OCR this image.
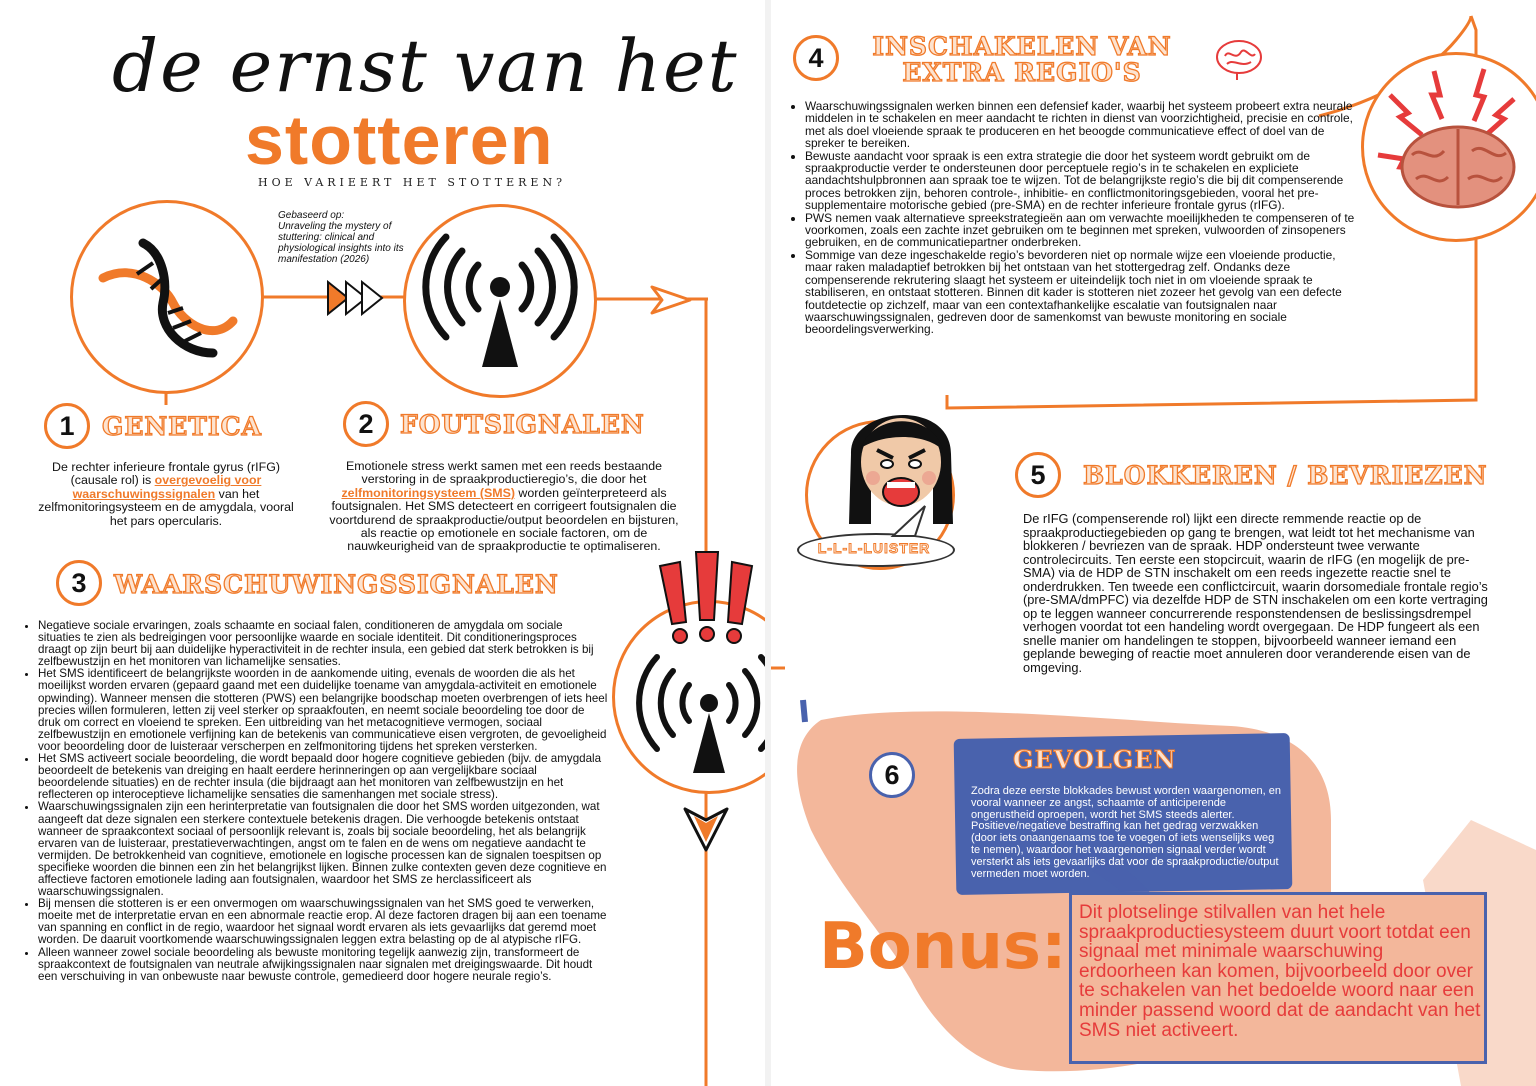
de ernst van het
stotteren
HOE VARIEERT HET STOTTEREN?
Gebaseerd op:
Unraveling the mystery of stuttering: clinical and physiological insights into its manifestation (2026)
1	GENETICA
De rechter inferieure frontale gyrus (rIFG) (causale rol) is overgevoelig voor waarschuwingssignalen van het zelfmonitoringsysteem en de amygdala, vooral het pars opercularis.
2	FOUTSIGNALEN
Emotionele stress werkt samen met een reeds bestaande verstoring in de spraakproductieregio’s, die door het zelfmonitoringsysteem (SMS) worden geïnterpreteerd als foutsignalen. Het SMS detecteert en corrigeert foutsignalen die voortdurend de spraakproductie/output beoordelen en bijsturen, als reactie op emotionele en sociale factoren, om de nauwkeurigheid van de spraakproductie te optimaliseren.
3	WAARSCHUWINGSSIGNALEN
• Negatieve sociale ervaringen, zoals schaamte en sociaal falen, conditioneren de amygdala om sociale situaties te zien als bedreigingen voor persoonlijke waarde en sociale identiteit. Dit conditioneringsproces draagt op zijn beurt bij aan duidelijke hyperactiviteit in de rechter insula, een gebied dat sterk betrokken is bij zelfbewustzijn en het monitoren van lichamelijke sensaties.
• Het SMS identificeert de belangrijkste woorden in de aankomende uiting, evenals de woorden die als het moeilijkst worden ervaren (gepaard gaand met een duidelijke toename van amygdala-activiteit en emotionele opwinding). Wanneer mensen die stotteren (PWS) een belangrijke boodschap moeten overbrengen of iets heel precies willen formuleren, letten zij veel sterker op spraakfouten, en neemt sociale beoordeling toe door de druk om correct en vloeiend te spreken. Een uitbreiding van het metacognitieve vermogen, sociaal zelfbewustzijn en emotionele verfijning kan de betekenis van communicatieve eisen vergroten, de gevoeligheid voor beoordeling door de luisteraar verscherpen en zelfmonitoring tijdens het spreken versterken.
• Het SMS activeert sociale beoordeling, die wordt bepaald door hogere cognitieve gebieden (bijv. de amygdala beoordeelt de betekenis van dreiging en haalt eerdere herinneringen op aan vergelijkbare sociaal beoordelende situaties) en de rechter insula (die bijdraagt aan het monitoren van zelfbewustzijn en het reflecteren op interoceptieve lichamelijke sensaties die samenhangen met sociale stress).
• Waarschuwingssignalen zijn een herinterpretatie van foutsignalen die door het SMS worden uitgezonden, wat aangeeft dat deze signalen een sterkere contextuele betekenis dragen. Die verhoogde betekenis ontstaat wanneer de spraakcontext sociaal of persoonlijk relevant is, zoals bij sociale beoordeling, het als belangrijk ervaren van de luisteraar, prestatieverwachtingen, angst om te falen en de wens om negatieve aandacht te vermijden. De betrokkenheid van cognitieve, emotionele en logische processen kan de signalen toespitsen op specifieke woorden die binnen een zin het belangrijkst lijken. Binnen zulke contexten geven deze cognitieve en affectieve factoren emotionele lading aan foutsignalen, waardoor het SMS ze herclassificeert als waarschuwingssignalen.
• Bij mensen die stotteren is er een onvermogen om waarschuwingssignalen van het SMS goed te verwerken, moeite met de interpretatie ervan en een abnormale reactie erop. Al deze factoren dragen bij aan een toename van spanning en conflict in de regio, waardoor het signaal wordt ervaren als iets gevaarlijks dat geremd moet worden. De daaruit voortkomende waarschuwingssignalen leggen extra belasting op de al atypische rIFG.
• Alleen wanneer zowel sociale beoordeling als bewuste monitoring tegelijk aanwezig zijn, transformeert de spraakcontext de foutsignalen van neutrale afwijkingssignalen naar signalen met dreigingswaarde. Dit houdt een verschuiving in van onbewuste naar bewuste controle, gemedieerd door hogere neurale regio’s.
4	INSCHAKELEN VAN
EXTRA REGIO'S
• Waarschuwingssignalen werken binnen een defensief kader, waarbij het systeem probeert extra neurale middelen in te schakelen en meer aandacht te richten in dienst van voorzichtigheid, precisie en controle, met als doel vloeiende spraak te produceren en het beoogde communicatieve effect of doel van de spreker te bereiken.
• Bewuste aandacht voor spraak is een extra strategie die door het systeem wordt gebruikt om de spraakproductie verder te ondersteunen door perceptuele regio’s in te schakelen en expliciete aandachtshulpbronnen aan spraak toe te wijzen. Tot de belangrijkste regio’s die bij dit compenserende proces betrokken zijn, behoren controle-, inhibitie- en conflictmonitoringsgebieden, vooral het pre-supplementaire motorische gebied (pre-SMA) en de rechter inferieure frontale gyrus (rIFG).
• PWS nemen vaak alternatieve spreekstrategieën aan om verwachte moeilijkheden te compenseren of te voorkomen, zoals een zachte inzet gebruiken om te beginnen met spreken, vulwoorden of zinsopeners gebruiken, en de communicatiepartner onderbreken.
• Sommige van deze ingeschakelde regio’s bevorderen niet op normale wijze een vloeiende productie, maar raken maladaptief betrokken bij het ontstaan van het stottergedrag zelf. Ondanks deze compenserende rekrutering slaagt het systeem er uiteindelijk toch niet in om vloeiende spraak te stabiliseren, en ontstaat stotteren. Binnen dit kader is stotteren niet zozeer het gevolg van een defecte foutdetectie op zichzelf, maar van een contextafhankelijke escalatie van foutsignalen naar waarschuwingssignalen, gedreven door de samenkomst van bewuste monitoring en sociale beoordelingsverwerking.
L-L-L-LUISTER
5	BLOKKEREN / BEVRIEZEN
De rIFG (compenserende rol) lijkt een directe remmende reactie op de spraakproductiegebieden op gang te brengen, wat leidt tot het mechanisme van blokkeren / bevriezen van de spraak. HDP ondersteunt twee verwante controlecircuits. Ten eerste een stopcircuit, waarin de rIFG (en mogelijk de pre-SMA) via de HDP de STN inschakelt om een reeds ingezette reactie snel te onderdrukken. Ten tweede een conflictcircuit, waarin dorsomediale frontale regio’s (pre-SMA/dmPFC) via dezelfde HDP de STN inschakelen om een korte vertraging op te leggen wanneer concurrerende responstendensen de beslissingsdrempel verhogen voordat tot een handeling wordt overgegaan. De HDP fungeert als een snelle manier om handelingen te stoppen, bijvoorbeeld wanneer iemand een geplande beweging of reactie moet annuleren door veranderende eisen van de omgeving.
6	GEVOLGEN
Zodra deze eerste blokkades bewust worden waargenomen, en vooral wanneer ze angst, schaamte of anticiperende ongerustheid oproepen, wordt het SMS steeds alerter. Positieve/negatieve bestraffing kan het gedrag verzwakken (door iets onaangenaams toe te voegen of iets wenselijks weg te nemen), waardoor het waargenomen signaal verder wordt versterkt als iets gevaarlijks dat voor de spraakproductie/output vermeden moet worden.
Bonus: Dit plotselinge stilvallen van het hele spraakproductiesysteem duurt voort totdat een signaal met minimale waarschuwing erdoorheen kan komen, bijvoorbeeld door over te schakelen van het bedoelde woord naar een minder passend woord dat de aandacht van het SMS niet activeert.
